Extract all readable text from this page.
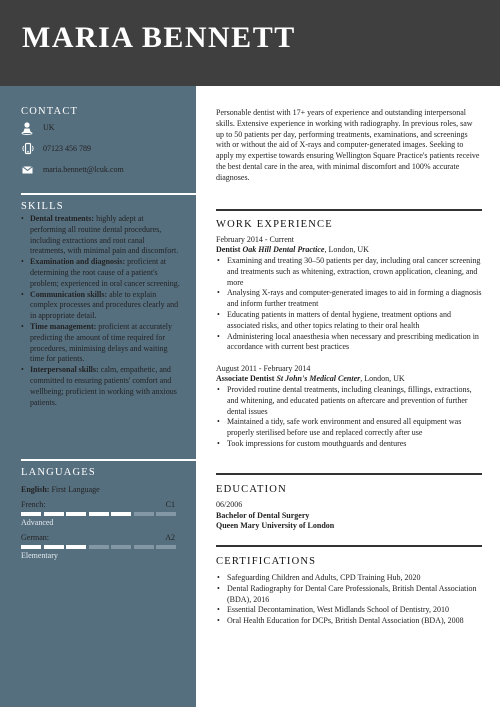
MARIA BENNETT
CONTACT
UK
07123 456 789
maria.bennett@lcuk.com
SKILLS
• Dental treatments: highly adept at performing all routine dental procedures, including extractions and root canal treatments, with minimal pain and discomfort.
• Examination and diagnosis: proficient at determining the root cause of a patient's problem; experienced in oral cancer screening.
• Communication skills: able to explain complex processes and procedures clearly and in appropriate detail.
• Time management: proficient at accurately predicting the amount of time required for procedures, minimising delays and waiting time for patients.
• Interpersonal skills: calm, empathetic, and committed to ensuring patients' comfort and wellbeing; proficient in working with anxious patients.
LANGUAGES
English: First Language
French:	C1
Advanced
German:	A2
Elementary

Personable dentist with 17+ years of experience and outstanding interpersonal skills. Extensive experience in working with radiography. In previous roles, saw up to 50 patients per day, performing treatments, examinations, and screenings with or without the aid of X-rays and computer-generated images. Seeking to apply my expertise towards ensuring Wellington Square Practice's patients receive the best dental care in the area, with minimal discomfort and 100% accurate diagnoses.

WORK EXPERIENCE

February 2014 - Current

Dentist Oak Hill Dental Practice, London, UK

• Examining and treating 30–50 patients per day, including oral cancer screening and treatments such as whitening, extraction, crown application, cleaning, and more
• Analysing X-rays and computer-generated images to aid in forming a diagnosis and inform further treatment
• Educating patients in matters of dental hygiene, treatment options and associated risks, and other topics relating to their oral health
• Administering local anaesthesia when necessary and prescribing medication in accordance with current best practices

August 2011 - February 2014

Associate Dentist St John's Medical Center, London, UK

• Provided routine dental treatments, including cleanings, fillings, extractions, and whitening, and educated patients on aftercare and prevention of further dental issues
• Maintained a tidy, safe work environment and ensured all equipment was properly sterilised before use and replaced correctly after use
• Took impressions for custom mouthguards and dentures
EDUCATION

06/2006

Bachelor of Dental Surgery

Queen Mary University of London

CERTIFICATIONS
• Safeguarding Children and Adults, CPD Training Hub, 2020
• Dental Radiography for Dental Care Professionals, British Dental Association (BDA), 2016
• Essential Decontamination, West Midlands School of Dentistry, 2010
• Oral Health Education for DCPs, British Dental Association (BDA), 2008
